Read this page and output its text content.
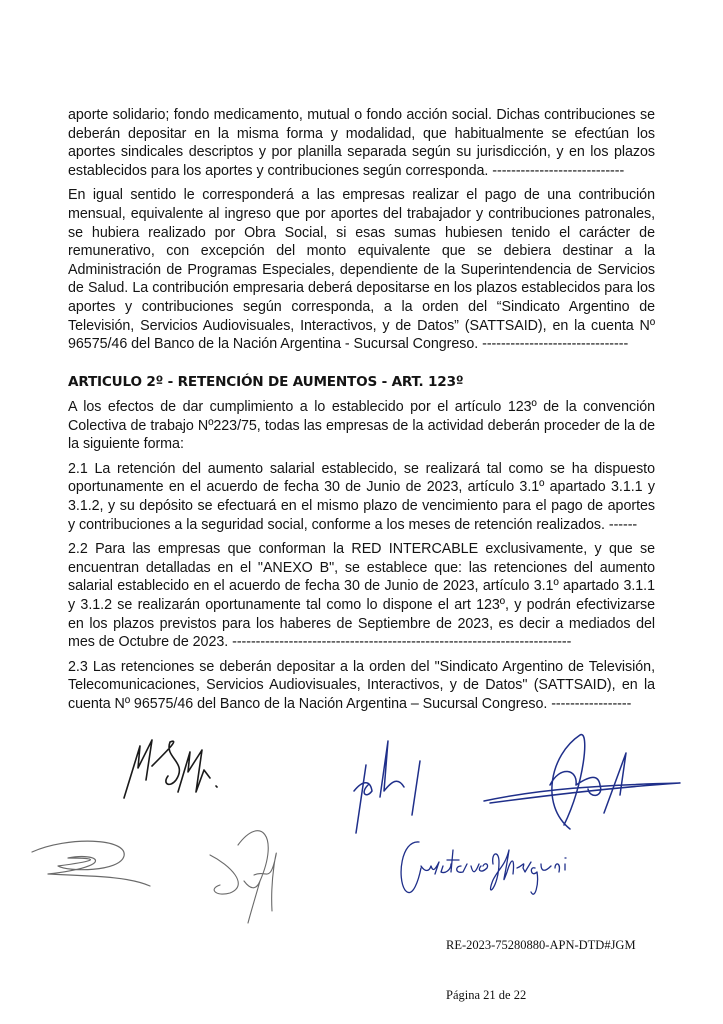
aporte solidario; fondo medicamento, mutual o fondo acción social. Dichas contribuciones se deberán depositar en la misma forma y modalidad, que habitualmente se efectúan los aportes sindicales descriptos y por planilla separada según su jurisdicción, y en los plazos establecidos para los aportes y contribuciones según corresponda. ----------------------------

En igual sentido le corresponderá a las empresas realizar el pago de una contribución mensual, equivalente al ingreso que por aportes del trabajador y contribuciones patronales, se hubiera realizado por Obra Social, si esas sumas hubiesen tenido el carácter de remunerativo, con excepción del monto equivalente que se debiera destinar a la Administración de Programas Especiales, dependiente de la Superintendencia de Servicios de Salud. La contribución empresaria deberá depositarse en los plazos establecidos para los aportes y contribuciones según corresponda, a la orden del “Sindicato Argentino de Televisión, Servicios Audiovisuales, Interactivos, y de Datos” (SATTSAID), en la cuenta Nº 96575/46 del Banco de la Nación Argentina - Sucursal Congreso. -------------------------------

ARTICULO 2º - RETENCIÓN DE AUMENTOS - ART. 123º

A los efectos de dar cumplimiento a lo establecido por el artículo 123º de la convención Colectiva de trabajo Nº223/75, todas las empresas de la actividad deberán proceder de la de la siguiente forma:

2.1 La retención del aumento salarial establecido, se realizará tal como se ha dispuesto oportunamente en el acuerdo de fecha 30 de Junio de 2023, artículo 3.1º apartado 3.1.1 y 3.1.2, y su depósito se efectuará en el mismo plazo de vencimiento para el pago de aportes y contribuciones a la seguridad social, conforme a los meses de retención realizados. ------

2.2 Para las empresas que conforman la RED INTERCABLE exclusivamente, y que se encuentran detalladas en el "ANEXO B", se establece que: las retenciones del aumento salarial establecido en el acuerdo de fecha 30 de Junio de 2023, artículo 3.1º apartado 3.1.1 y 3.1.2 se realizarán oportunamente tal como lo dispone el art 123º, y podrán efectivizarse en los plazos previstos para los haberes de Septiembre de 2023, es decir a mediados del mes de Octubre de 2023. ------------------------------------------------------------------------

2.3 Las retenciones se deberán depositar a la orden del "Sindicato Argentino de Televisión, Telecomunicaciones, Servicios Audiovisuales, Interactivos, y de Datos" (SATTSAID), en la cuenta Nº 96575/46 del Banco de la Nación Argentina – Sucursal Congreso. -----------------

RE-2023-75280880-APN-DTD#JGM
Página 21 de 22
